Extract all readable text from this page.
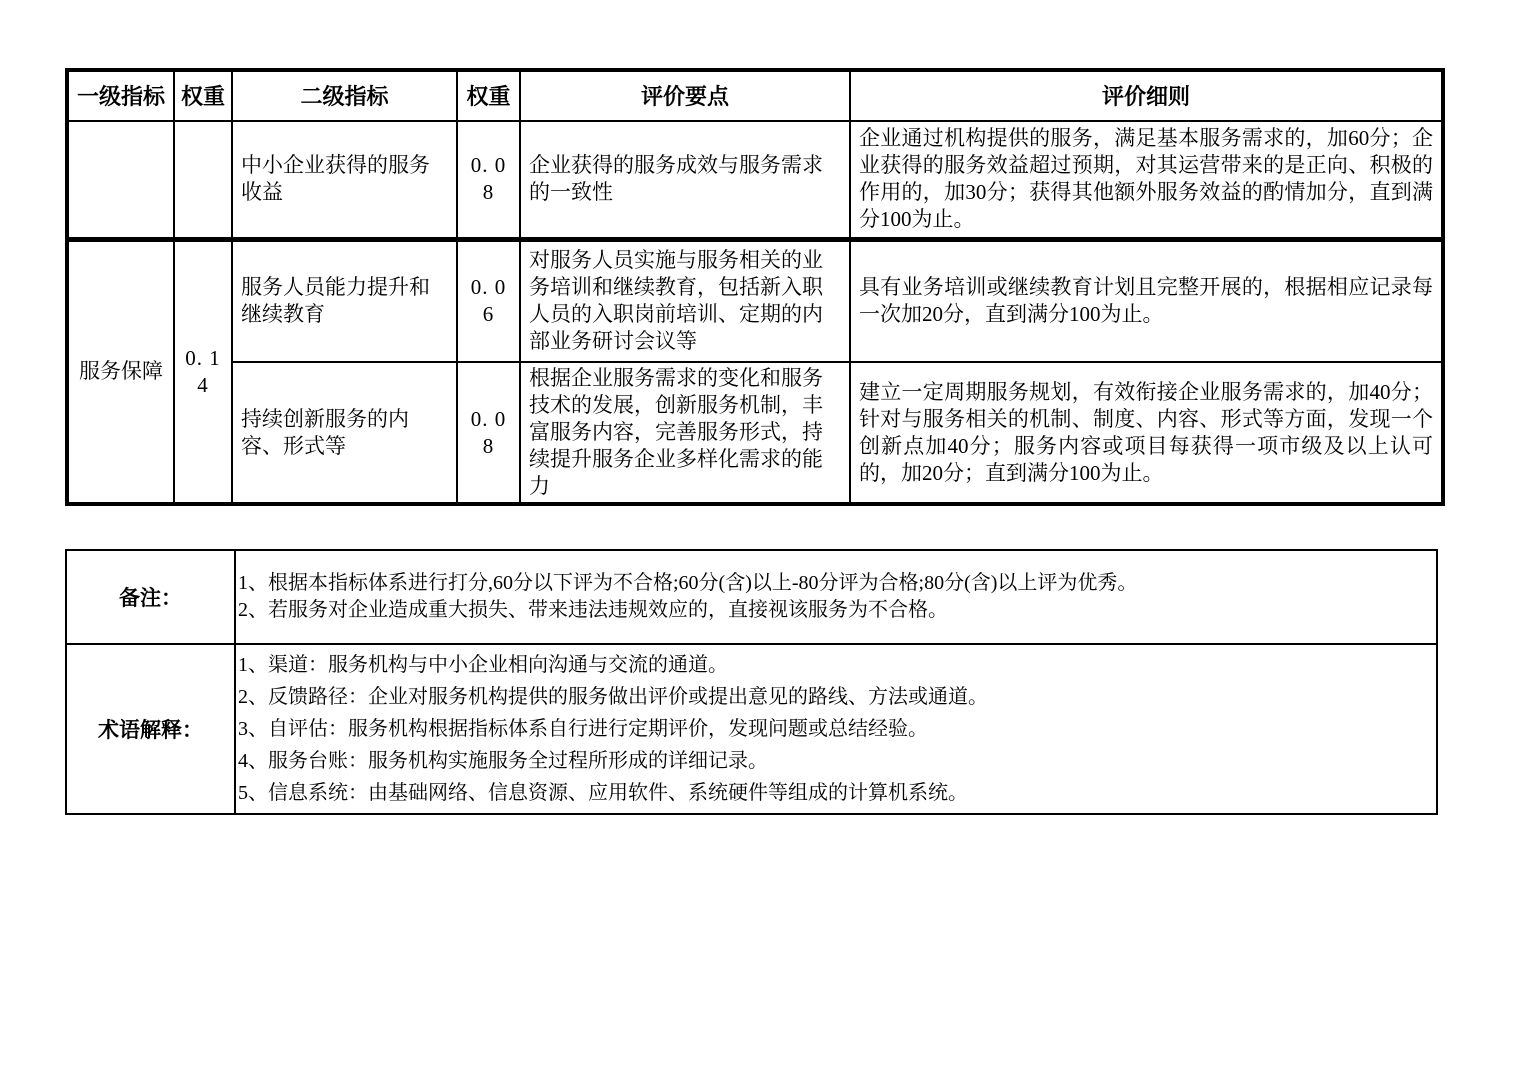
一级指标	权重	二级指标	权重	评价要点	评价细则
		中小企业获得的服务收益	0. 08	企业获得的服务成效与服务需求的一致性	企业通过机构提供的服务，满足基本服务需求的，加60分；企业获得的服务效益超过预期，对其运营带来的是正向、积极的作用的，加30分；获得其他额外服务效益的酌情加分，直到满分100为止。
服务保障	0. 14	服务人员能力提升和继续教育	0. 06	对服务人员实施与服务相关的业务培训和继续教育，包括新入职人员的入职岗前培训、定期的内部业务研讨会议等	具有业务培训或继续教育计划且完整开展的，根据相应记录每一次加20分，直到满分100为止。
		持续创新服务的内容、形式等	0. 08	根据企业服务需求的变化和服务技术的发展，创新服务机制，丰富服务内容，完善服务形式，持续提升服务企业多样化需求的能力	建立一定周期服务规划，有效衔接企业服务需求的，加40分；针对与服务相关的机制、制度、内容、形式等方面，发现一个创新点加40分；服务内容或项目每获得一项市级及以上认可的，加20分；直到满分100为止。
备注：	1、根据本指标体系进行打分,60分以下评为不合格;60分(含)以上-80分评为合格;80分(含)以上评为优秀。
2、若服务对企业造成重大损失、带来违法违规效应的，直接视该服务为不合格。

术语解释：	1、渠道：服务机构与中小企业相向沟通与交流的通道。
2、反馈路径：企业对服务机构提供的服务做出评价或提出意见的路线、方法或通道。
3、自评估：服务机构根据指标体系自行进行定期评价，发现问题或总结经验。
4、服务台账：服务机构实施服务全过程所形成的详细记录。
5、信息系统：由基础网络、信息资源、应用软件、系统硬件等组成的计算机系统。
